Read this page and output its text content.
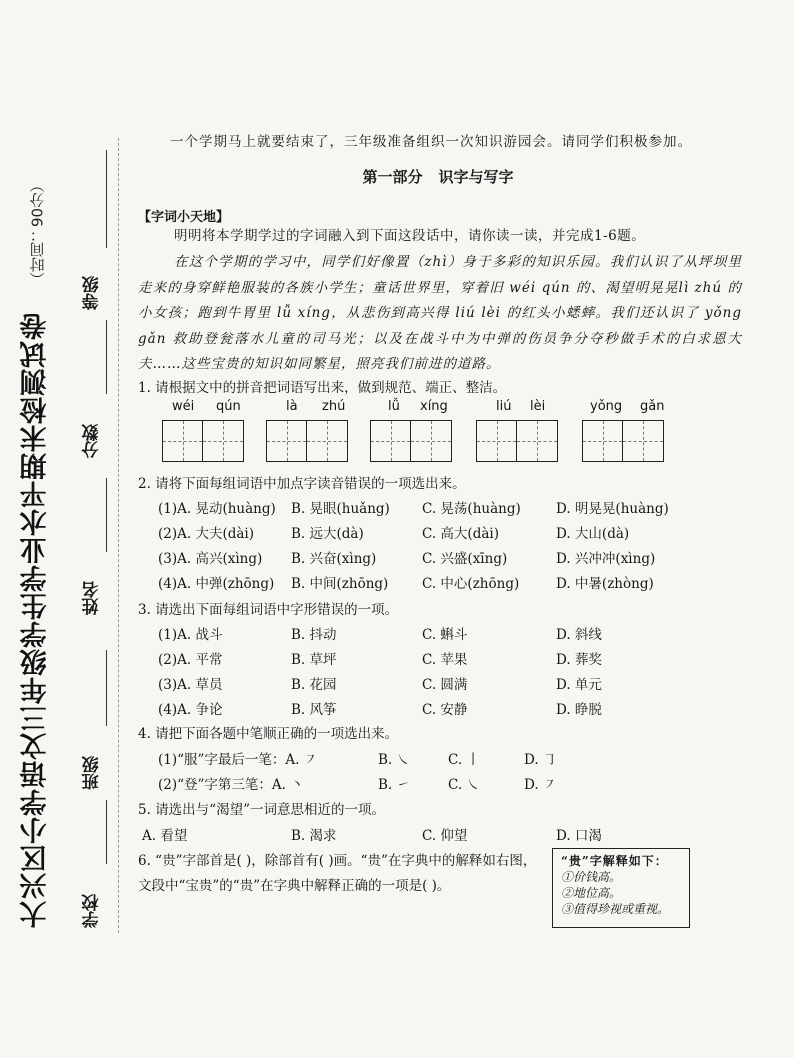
大兴区小学语文三年级学生学业水平期末检测试卷
（时间：90分）
等级
分数
姓名
班级
学校
一个学期马上就要结束了，三年级准备组织一次知识游园会。请同学们积极参加。
第一部分 识字与写字
【字词小天地】
明明将本学期学过的字词融入到下面这段话中，请你读一读，并完成1-6题。
在这个学期的学习中，同学们好像置（zhì）身于多彩的知识乐园。我们认识了从坪坝里走来的身穿鲜艳服装的各族小学生；童话世界里，穿着旧 wéi qún 的、渴望明晃晃lì zhú 的小女孩；跑到牛胃里 lǚ xíng，从悲伤到高兴得 liú lèi 的红头小蟋蟀。我们还认识了 yǒng gǎn 救助登瓮落水儿童的司马光；以及在战斗中为中弹的伤员争分夺秒做手术的白求恩大夫……这些宝贵的知识如同繁星，照亮我们前进的道路。
1. 请根据文中的拼音把词语写出来，做到规范、端正、整洁。
wéi qún	là zhú	lǚ xíng	liú lèi	yǒng gǎn
2. 请将下面每组词语中加点字读音错误的一项选出来。
(1)A. 晃动(huàng) B. 晃眼(huǎng) C. 晃荡(huàng)	D. 明晃晃(huàng)
(2)A. 大夫(dài)	B. 远大(dà)	C. 高大(dài)	D. 大山(dà)
(3)A. 高兴(xìng) B. 兴奋(xìng)	C. 兴盛(xīng)	D. 兴冲冲(xìng)
(4)A. 中弹(zhōng) B. 中间(zhōng) C. 中心(zhōng)	D. 中暑(zhòng)
3. 请选出下面每组词语中字形错误的一项。
(1)A. 战斗	B. 抖动	C. 蝌斗	D. 斜线
(2)A. 平常	B. 草坪	C. 苹果	D. 葬奖
(3)A. 草员	B. 花园	C. 圆满	D. 单元
(4)A. 争论	B. 风筝	C. 安静	D. 睁脱
4. 请把下面各题中笔顺正确的一项选出来。
(1)“服”字最后一笔：A. ㇇	B. ㇏	C. 丨	D. ㇆
(2)“登”字第三笔：A. 丶	B. ㇀	C. ㇏	D. ㇇
5. 请选出与“渴望”一词意思相近的一项。
A. 看望	B. 渴求	C. 仰望	D. 口渴
6. “贵”字部首是( )，除部首有( )画。“贵”在字典中的解释如右图，文段中“宝贵”的“贵”在字典中解释正确的一项是( )。
“贵”字解释如下：
①价钱高。
②地位高。
③值得珍视或重视。
